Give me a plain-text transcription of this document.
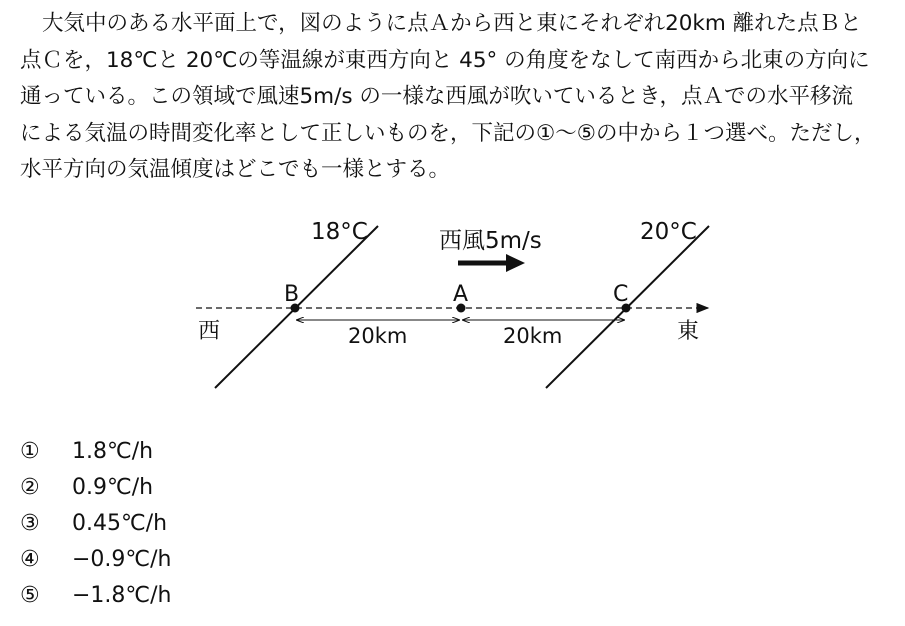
大気中のある水平面上で，図のように点Ａから西と東にそれぞれ20km 離れた点Ｂと

点Ｃを，18℃と 20℃の等温線が東西方向と 45° の角度をなして南西から北東の方向に

通っている。この領域で風速5m/s の一様な西風が吹いているとき，点Ａでの水平移流

による気温の時間変化率として正しいものを，下記の①～⑤の中から１つ選べ。ただし，

水平方向の気温傾度はどこでも一様とする。

18°C	20°C
西風5m/s
B	A	C
西	東
20km	20km
① 1.8℃/h
② 0.9℃/h
③ 0.45℃/h
④ −0.9℃/h
⑤ −1.8℃/h
